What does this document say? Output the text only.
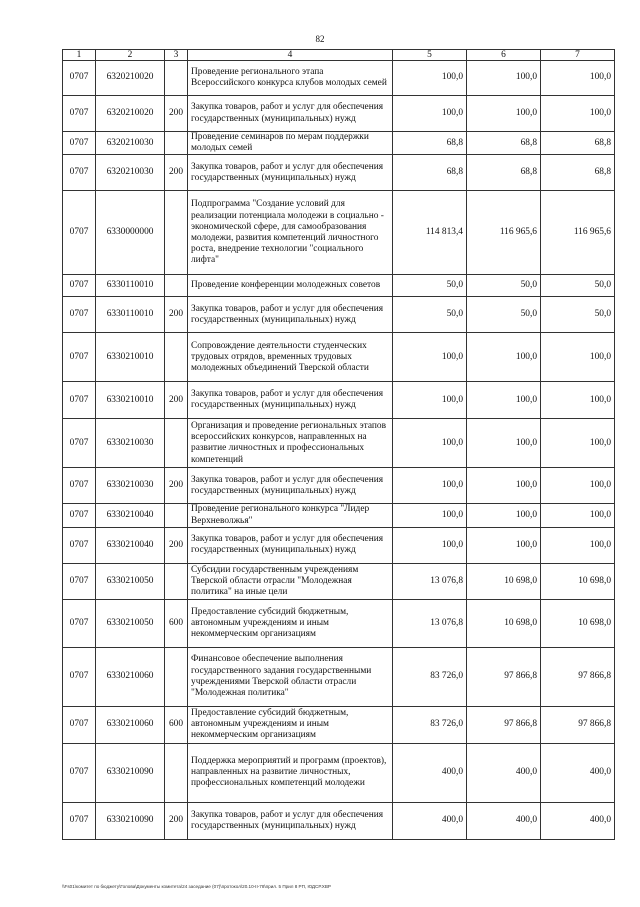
82
1	2	3	4	5	6	7
0707	6320210020		Проведение регионального этапа Всероссийского конкурса клубов молодых семей	100,0	100,0	100,0
0707	6320210020	200	Закупка товаров, работ и услуг для обеспечения государственных (муниципальных) нужд	100,0	100,0	100,0
0707	6320210030		Проведение семинаров по мерам поддержки молодых семей	68,8	68,8	68,8
0707	6320210030	200	Закупка товаров, работ и услуг для обеспечения государственных (муниципальных) нужд	68,8	68,8	68,8
0707	6330000000		Подпрограмма "Создание условий для реализации потенциала молодежи в социально - экономической сфере, для самообразования молодежи, развития компетенций личностного роста, внедрение технологии "социального лифта"	114 813,4	116 965,6	116 965,6
0707	6330110010		Проведение конференции молодежных советов	50,0	50,0	50,0
0707	6330110010	200	Закупка товаров, работ и услуг для обеспечения государственных (муниципальных) нужд	50,0	50,0	50,0
0707	6330210010		Сопровождение деятельности студенческих трудовых отрядов, временных трудовых молодежных объединений Тверской области	100,0	100,0	100,0
0707	6330210010	200	Закупка товаров, работ и услуг для обеспечения государственных (муниципальных) нужд	100,0	100,0	100,0
0707	6330210030		Организация и проведение региональных этапов всероссийских конкурсов, направленных на развитие личностных и профессиональных компетенций	100,0	100,0	100,0
0707	6330210030	200	Закупка товаров, работ и услуг для обеспечения государственных (муниципальных) нужд	100,0	100,0	100,0
0707	6330210040		Проведение регионального конкурса "Лидер Верхневолжья"	100,0	100,0	100,0
0707	6330210040	200	Закупка товаров, работ и услуг для обеспечения государственных (муниципальных) нужд	100,0	100,0	100,0
0707	6330210050		Субсидии государственным учреждениям Тверской области отрасли "Молодежная политика" на иные цели	13 076,8	10 698,0	10 698,0
0707	6330210050	600	Предоставление субсидий бюджетным, автономным учреждениям и иным некоммерческим организациям	13 076,8	10 698,0	10 698,0
0707	6330210060		Финансовое обеспечение выполнения государственного задания государственными учреждениями Тверской области отрасли "Молодежная политика"	83 726,0	97 866,8	97 866,8
0707	6330210060	600	Предоставление субсидий бюджетным, автономным учреждениям и иным некоммерческим организациям	83 726,0	97 866,8	97 866,8
0707	6330210090		Поддержка мероприятий и программ (проектов), направленных на развитие личностных, профессиональных компетенций молодежи	400,0	400,0	400,0
0707	6330210090	200	Закупка товаров, работ и услуг для обеспечения государственных (муниципальных) нужд	400,0	400,0	400,0
\\Fs01\комитет по бюджету\Голова\Документы комитета\24 заседание (07)\протокол\20.10-II-78\прил. 5 Прил 8 РП, ЮДСР.ХВР
